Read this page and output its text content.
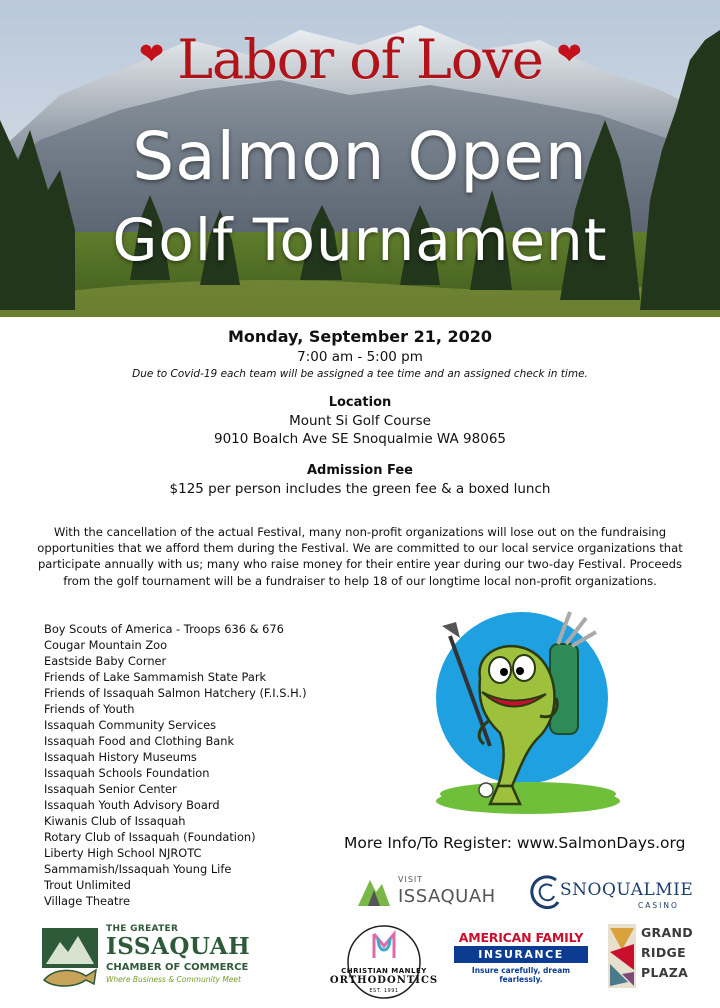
❤ Labor of Love ❤
Salmon Open
Golf Tournament
Monday, September 21, 2020
7:00 am - 5:00 pm
Due to Covid-19 each team will be assigned a tee time and an assigned check in time.
Location
Mount Si Golf Course
9010 Boalch Ave SE Snoqualmie WA 98065
Admission Fee
$125 per person includes the green fee & a boxed lunch
With the cancellation of the actual Festival, many non-profit organizations will lose out on the fundraising opportunities that we afford them during the Festival. We are committed to our local service organizations that participate annually with us; many who raise money for their entire year during our two-day Festival. Proceeds from the golf tournament will be a fundraiser to help 18 of our longtime local non-profit organizations.
Boy Scouts of America - Troops 636 & 676
Cougar Mountain Zoo
Eastside Baby Corner
Friends of Lake Sammamish State Park
Friends of Issaquah Salmon Hatchery (F.I.S.H.)
Friends of Youth
Issaquah Community Services
Issaquah Food and Clothing Bank
Issaquah History Museums
Issaquah Schools Foundation
Issaquah Senior Center
Issaquah Youth Advisory Board
Kiwanis Club of Issaquah
Rotary Club of Issaquah (Foundation)
Liberty High School NJROTC
Sammamish/Issaquah Young Life
Trout Unlimited
Village Theatre
More Info/To Register: www.SalmonDays.org
VISIT
ISSAQUAH	SNOQUALMIE
CASINO
THE GREATER
ISSAQUAH
CHAMBER OF COMMERCE
Where Business & Community Meet
CHRISTIAN MANLEY
ORTHODONTICS
EST. 1991
AMERICAN FAMILY
INSURANCE
Insure carefully, dream fearlessly.
GRAND
RIDGE
PLAZA
